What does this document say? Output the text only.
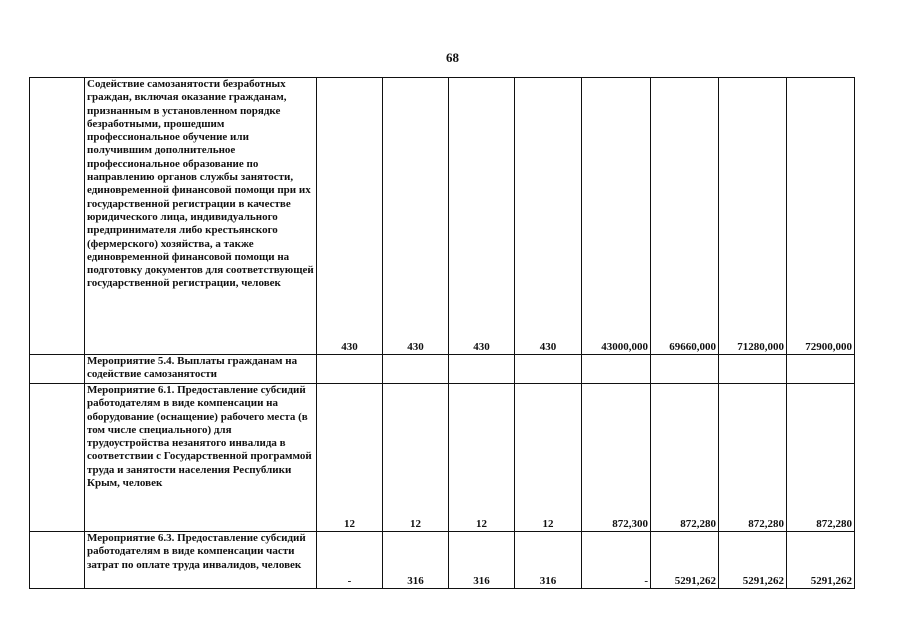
68
	Содействие самозанятости безработных граждан, включая оказание гражданам, признанным в установленном порядке безработными, прошедшим профессиональное обучение или получившим дополнительное профессиональное образование по направлению органов службы занятости, единовременной финансовой помощи при их государственной регистрации в качестве юридического лица, индивидуального предпринимателя либо крестьянского (фермерского) хозяйства, а также единовременной финансовой помощи на подготовку документов для соответствующей государственной регистрации, человек	430	430	430	430	43000,000	69660,000	71280,000	72900,000
	Мероприятие 5.4. Выплаты гражданам на содействие самозанятости								
	Мероприятие 6.1. Предоставление субсидий работодателям в виде компенсации на оборудование (оснащение) рабочего места (в том числе специального) для трудоустройства незанятого инвалида в соответствии с Государственной программой труда и занятости населения Республики Крым, человек	12	12	12	12	872,300	872,280	872,280	872,280
	Мероприятие 6.3. Предоставление субсидий работодателям в виде компенсации части затрат по оплате труда инвалидов, человек	-	316	316	316	-	5291,262	5291,262	5291,262
